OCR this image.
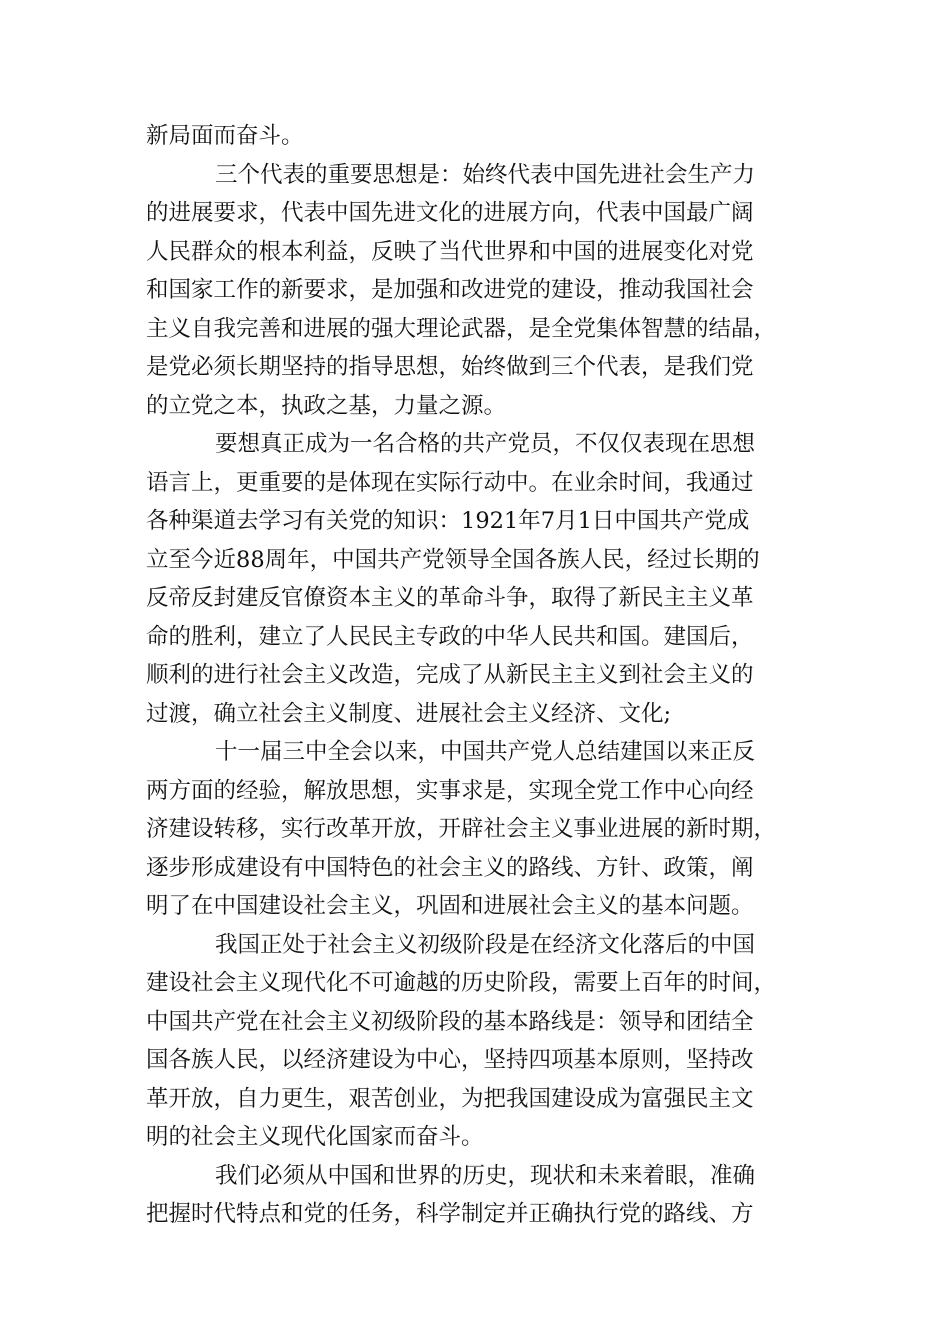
新局面而奋斗。
三个代表的重要思想是：始终代表中国先进社会生产力
的进展要求，代表中国先进文化的进展方向，代表中国最广阔
人民群众的根本利益，反映了当代世界和中国的进展变化对党
和国家工作的新要求，是加强和改进党的建设，推动我国社会
主义自我完善和进展的强大理论武器，是全党集体智慧的结晶，
是党必须长期坚持的指导思想，始终做到三个代表，是我们党
的立党之本，执政之基，力量之源。
要想真正成为一名合格的共产党员，不仅仅表现在思想
语言上，更重要的是体现在实际行动中。在业余时间，我通过
各种渠道去学习有关党的知识：1921年7月1日中国共产党成
立至今近88周年，中国共产党领导全国各族人民，经过长期的
反帝反封建反官僚资本主义的革命斗争，取得了新民主主义革
命的胜利，建立了人民民主专政的中华人民共和国。建国后，
顺利的进行社会主义改造，完成了从新民主主义到社会主义的
过渡，确立社会主义制度、进展社会主义经济、文化;
十一届三中全会以来，中国共产党人总结建国以来正反
两方面的经验，解放思想，实事求是，实现全党工作中心向经
济建设转移，实行改革开放，开辟社会主义事业进展的新时期，
逐步形成建设有中国特色的社会主义的路线、方针、政策，阐
明了在中国建设社会主义，巩固和进展社会主义的基本问题。
我国正处于社会主义初级阶段是在经济文化落后的中国
建设社会主义现代化不可逾越的历史阶段，需要上百年的时间，
中国共产党在社会主义初级阶段的基本路线是：领导和团结全
国各族人民，以经济建设为中心，坚持四项基本原则，坚持改
革开放，自力更生，艰苦创业，为把我国建设成为富强民主文
明的社会主义现代化国家而奋斗。
我们必须从中国和世界的历史，现状和未来着眼，准确
把握时代特点和党的任务，科学制定并正确执行党的路线、方
